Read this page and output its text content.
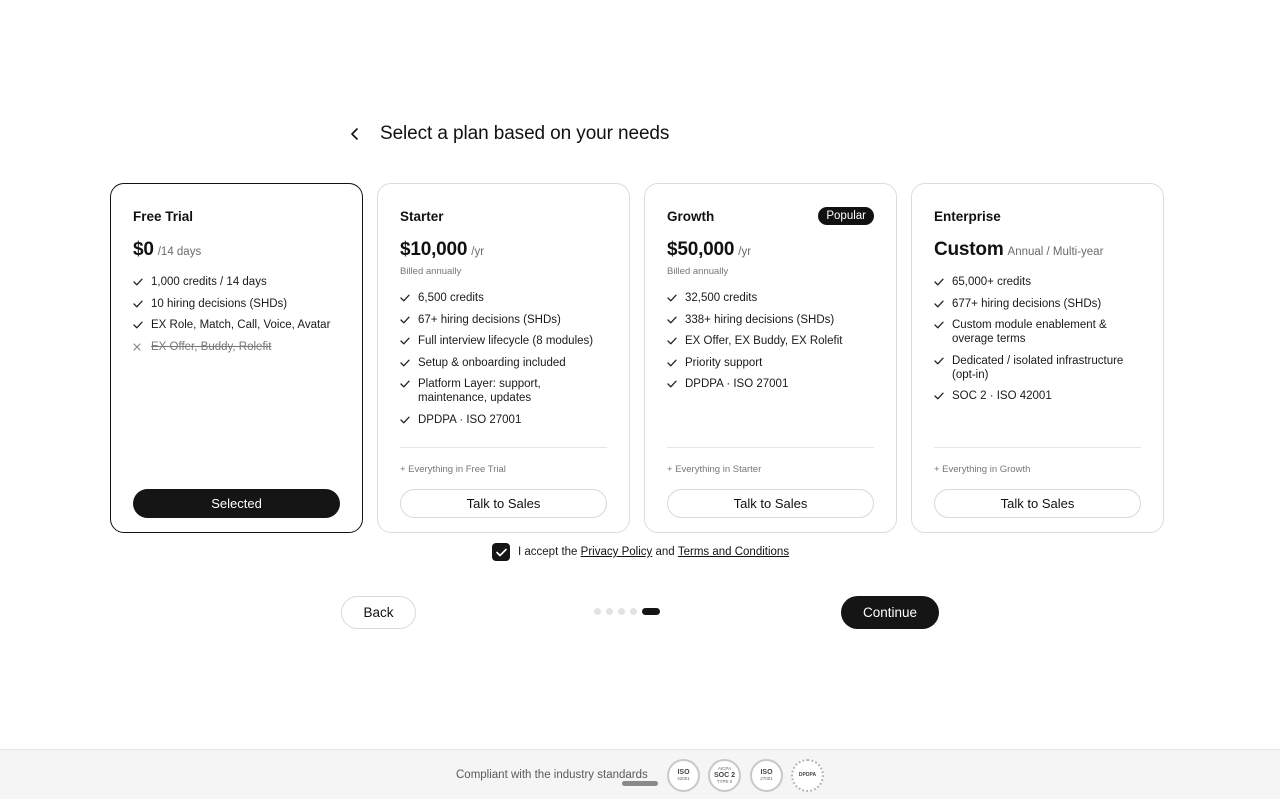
Select a plan based on your needs
Free Trial
$0 /14 days
1,000 credits / 14 days
10 hiring decisions (SHDs)
EX Role, Match, Call, Voice, Avatar
EX Offer, Buddy, Rolefit
Selected
Starter
$10,000 /yr
Billed annually
6,500 credits
67+ hiring decisions (SHDs)
Full interview lifecycle (8 modules)
Setup & onboarding included
Platform Layer: support, maintenance, updates
DPDPA · ISO 27001
+ Everything in Free Trial
Talk to Sales
Growth	Popular
$50,000 /yr
Billed annually
32,500 credits
338+ hiring decisions (SHDs)
EX Offer, EX Buddy, EX Rolefit
Priority support
DPDPA · ISO 27001
+ Everything in Starter
Talk to Sales
Enterprise
Custom Annual / Multi-year
65,000+ credits
677+ hiring decisions (SHDs)
Custom module enablement & overage terms
Dedicated / isolated infrastructure (opt-in)
SOC 2 · ISO 42001
+ Everything in Growth
Talk to Sales
I accept the
Privacy Policy
and
Terms and Conditions
Back	Continue
Compliant with the industry standards	ISO
42001
AICPA
SOC 2
TYPE II
ISO
27001
DPDPA
